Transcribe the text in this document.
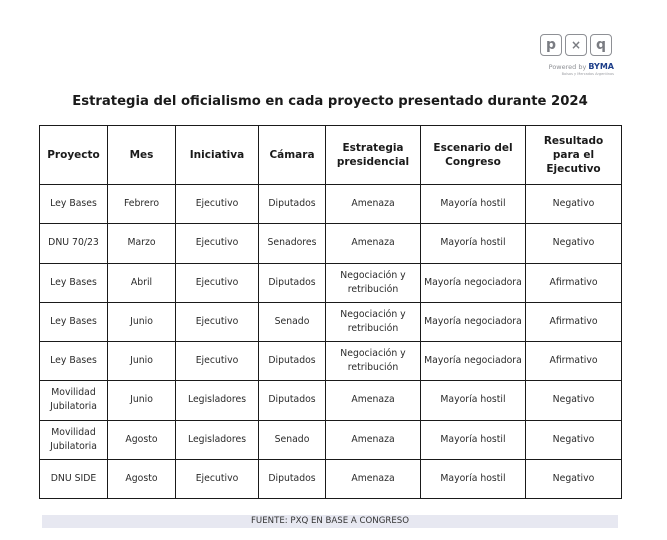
p	×	q
Powered by BYMA
Bolsas y Mercados Argentinos
Estrategia del oficialismo en cada proyecto presentado durante 2024
Proyecto	Mes	Iniciativa	Cámara	Estrategia presidencial	Escenario del Congreso	Resultado para el Ejecutivo
Ley Bases	Febrero	Ejecutivo	Diputados	Amenaza	Mayoría hostil	Negativo
DNU 70/23	Marzo	Ejecutivo	Senadores	Amenaza	Mayoría hostil	Negativo
Ley Bases	Abril	Ejecutivo	Diputados	Negociación y retribución	Mayoría negociadora	Afirmativo
Ley Bases	Junio	Ejecutivo	Senado	Negociación y retribución	Mayoría negociadora	Afirmativo
Ley Bases	Junio	Ejecutivo	Diputados	Negociación y retribución	Mayoría negociadora	Afirmativo
Movilidad Jubilatoria	Junio	Legisladores	Diputados	Amenaza	Mayoría hostil	Negativo
Movilidad Jubilatoria	Agosto	Legisladores	Senado	Amenaza	Mayoría hostil	Negativo
DNU SIDE	Agosto	Ejecutivo	Diputados	Amenaza	Mayoría hostil	Negativo
FUENTE: PXQ EN BASE A CONGRESO
